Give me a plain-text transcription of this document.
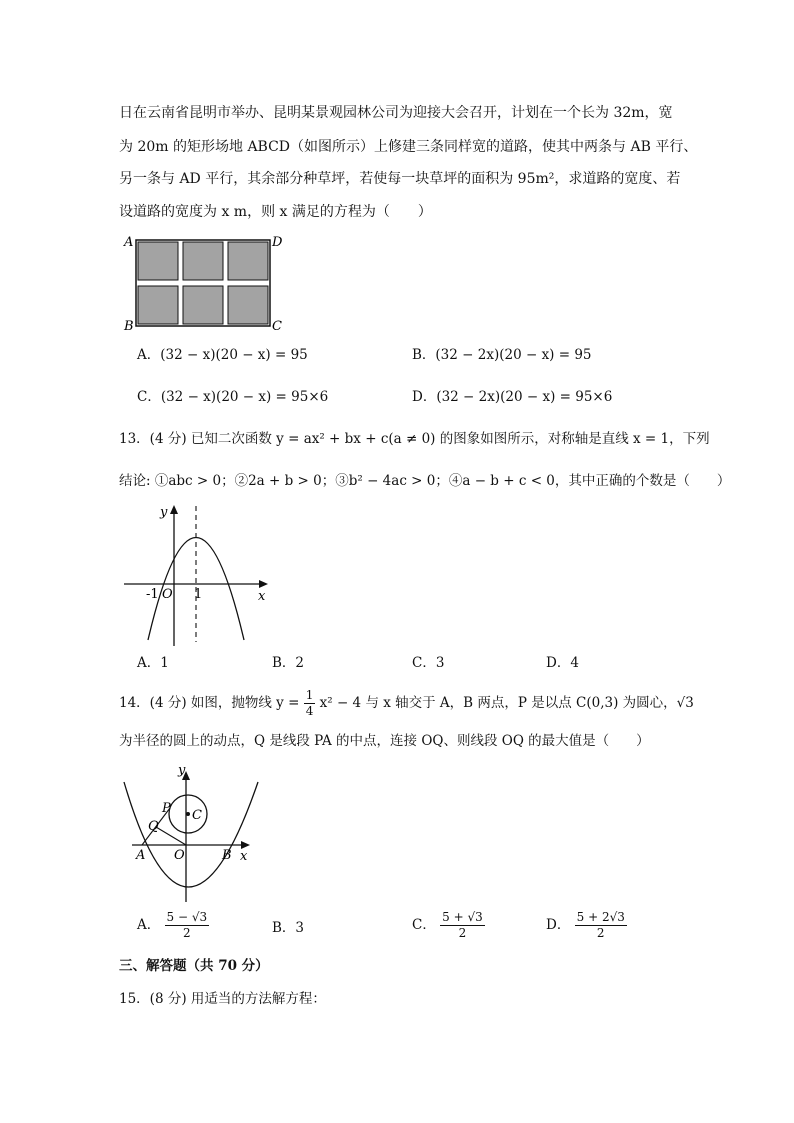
日在云南省昆明市举办、昆明某景观园林公司为迎接大会召开，计划在一个长为 32m，宽
为 20m 的矩形场地 ABCD（如图所示）上修建三条同样宽的道路，使其中两条与 AB 平行、
另一条与 AD 平行，其余部分种草坪，若使每一块草坪的面积为 95m²，求道路的宽度、若
设道路的宽度为 x m，则 x 满足的方程为（　　）
A	D
B	C
A．(32 − x)(20 − x) = 95	B．(32 − 2x)(20 − x) = 95
C．(32 − x)(20 − x) = 95×6	D．(32 − 2x)(20 − x) = 95×6
13．(4 分) 已知二次函数 y = ax² + bx + c(a ≠ 0) 的图象如图所示，对称轴是直线 x = 1，下列
结论: ①abc > 0；②2a + b > 0；③b² − 4ac > 0；④a − b + c < 0，其中正确的个数是（　　）
y
x
-1 O 1
A．1	B．2	C．3	D．4
14．(4 分) 如图，抛物线 $y = \frac{1}{4} x^2 - 4$ 与 x 轴交于 A，B 两点，P 是以点 C(0,3) 为圆心，√3
为半径的圆上的动点，Q 是线段 PA 的中点，连接 OQ、则线段 OQ 的最大值是（　　）
y
x
P C
Q
A O	B
A． $\frac{5 - √3}{2}$	B．3	C． $\frac{5 + √3}{2}$	D． $\frac{5 + 2√3}{2}$
三、解答题（共 70 分）
15．(8 分) 用适当的方法解方程：
